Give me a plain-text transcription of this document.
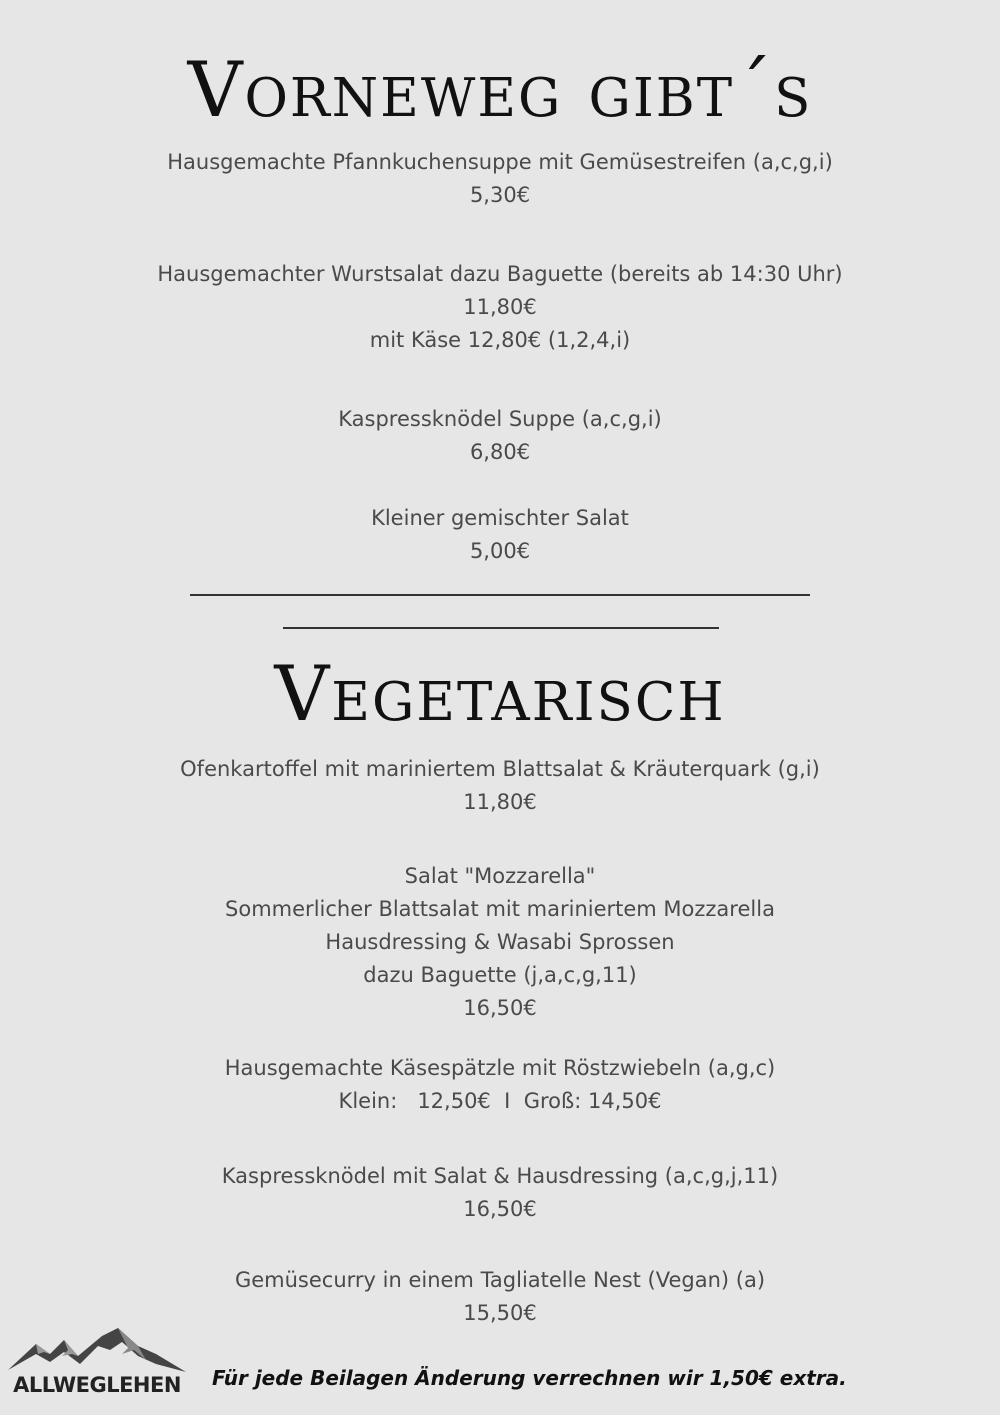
Vorneweg gibt´s
Hausgemachte Pfannkuchensuppe mit Gemüsestreifen (a,c,g,i)
5,30€
Hausgemachter Wurstsalat dazu Baguette (bereits ab 14:30 Uhr)
11,80€
mit Käse 12,80€ (1,2,4,i)
Kaspressknödel Suppe (a,c,g,i)
6,80€
Kleiner gemischter Salat
5,00€
Vegetarisch
Ofenkartoffel mit mariniertem Blattsalat & Kräuterquark (g,i)
11,80€
Salat "Mozzarella"
Sommerlicher Blattsalat mit mariniertem Mozzarella
Hausdressing & Wasabi Sprossen
dazu Baguette (j,a,c,g,11)
16,50€
Hausgemachte Käsespätzle mit Röstzwiebeln (a,g,c)
Klein:   12,50€  I  Groß: 14,50€
Kaspressknödel mit Salat & Hausdressing (a,c,g,j,11)
16,50€
Gemüsecurry in einem Tagliatelle Nest (Vegan) (a)
15,50€
ALLWEGLEHEN	Für jede Beilagen Änderung verrechnen wir 1,50€ extra.
